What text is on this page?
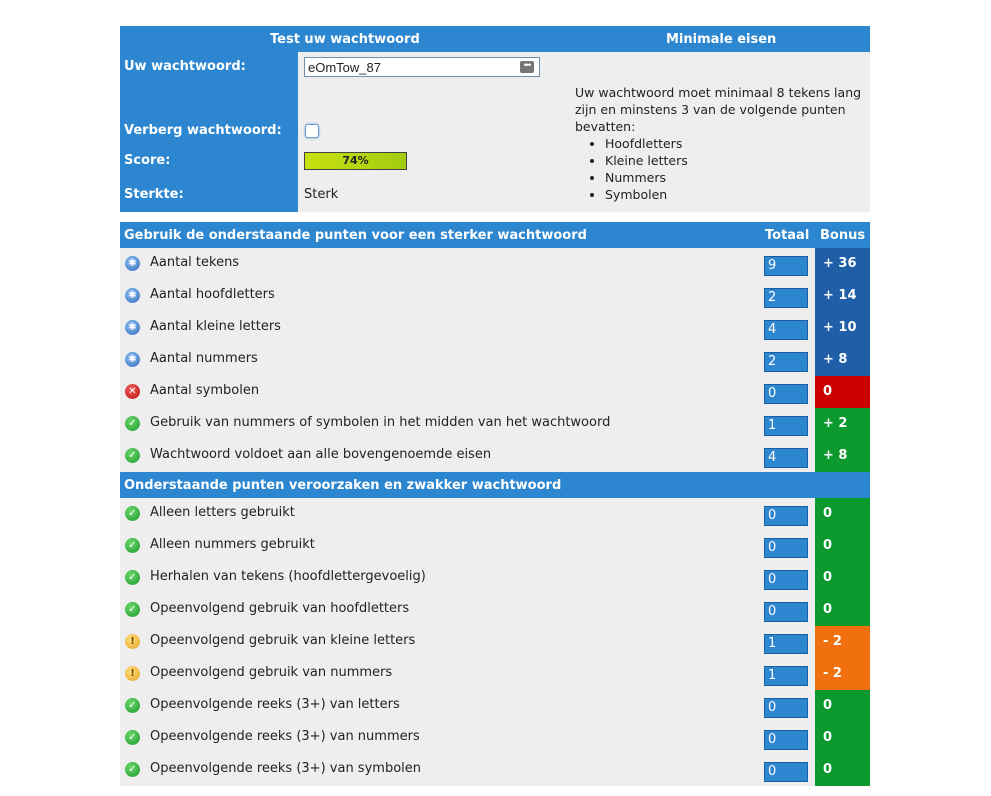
Test uw wachtwoord	Minimale eisen
Uw wachtwoord:	eOmTow_87	•••
Verberg wachtwoord:
Score:	74%
Sterkte:	Sterk
Uw wachtwoord moet minimaal 8 tekens lang zijn en minstens 3 van de volgende punten bevatten:
• Hoofdletters
• Kleine letters
• Nummers
• Symbolen
Gebruik de onderstaande punten voor een sterker wachtwoord	Totaal Bonus
✱ Aantal tekens	9	+ 36
✱ Aantal hoofdletters	2	+ 14
✱ Aantal kleine letters	4	+ 10
✱ Aantal nummers	2	+ 8
✕ Aantal symbolen	0	0
✓ Gebruik van nummers of symbolen in het midden van het wachtwoord	1	+ 2
✓ Wachtwoord voldoet aan alle bovengenoemde eisen	4	+ 8
Onderstaande punten veroorzaken en zwakker wachtwoord
✓ Alleen letters gebruikt	0	0
✓ Alleen nummers gebruikt	0	0
✓ Herhalen van tekens (hoofdlettergevoelig)	0	0
✓ Opeenvolgend gebruik van hoofdletters	0	0
!	Opeenvolgend gebruik van kleine letters	1	- 2
!	Opeenvolgend gebruik van nummers	1	- 2
✓ Opeenvolgende reeks (3+) van letters	0	0
✓ Opeenvolgende reeks (3+) van nummers	0	0
✓ Opeenvolgende reeks (3+) van symbolen	0	0
